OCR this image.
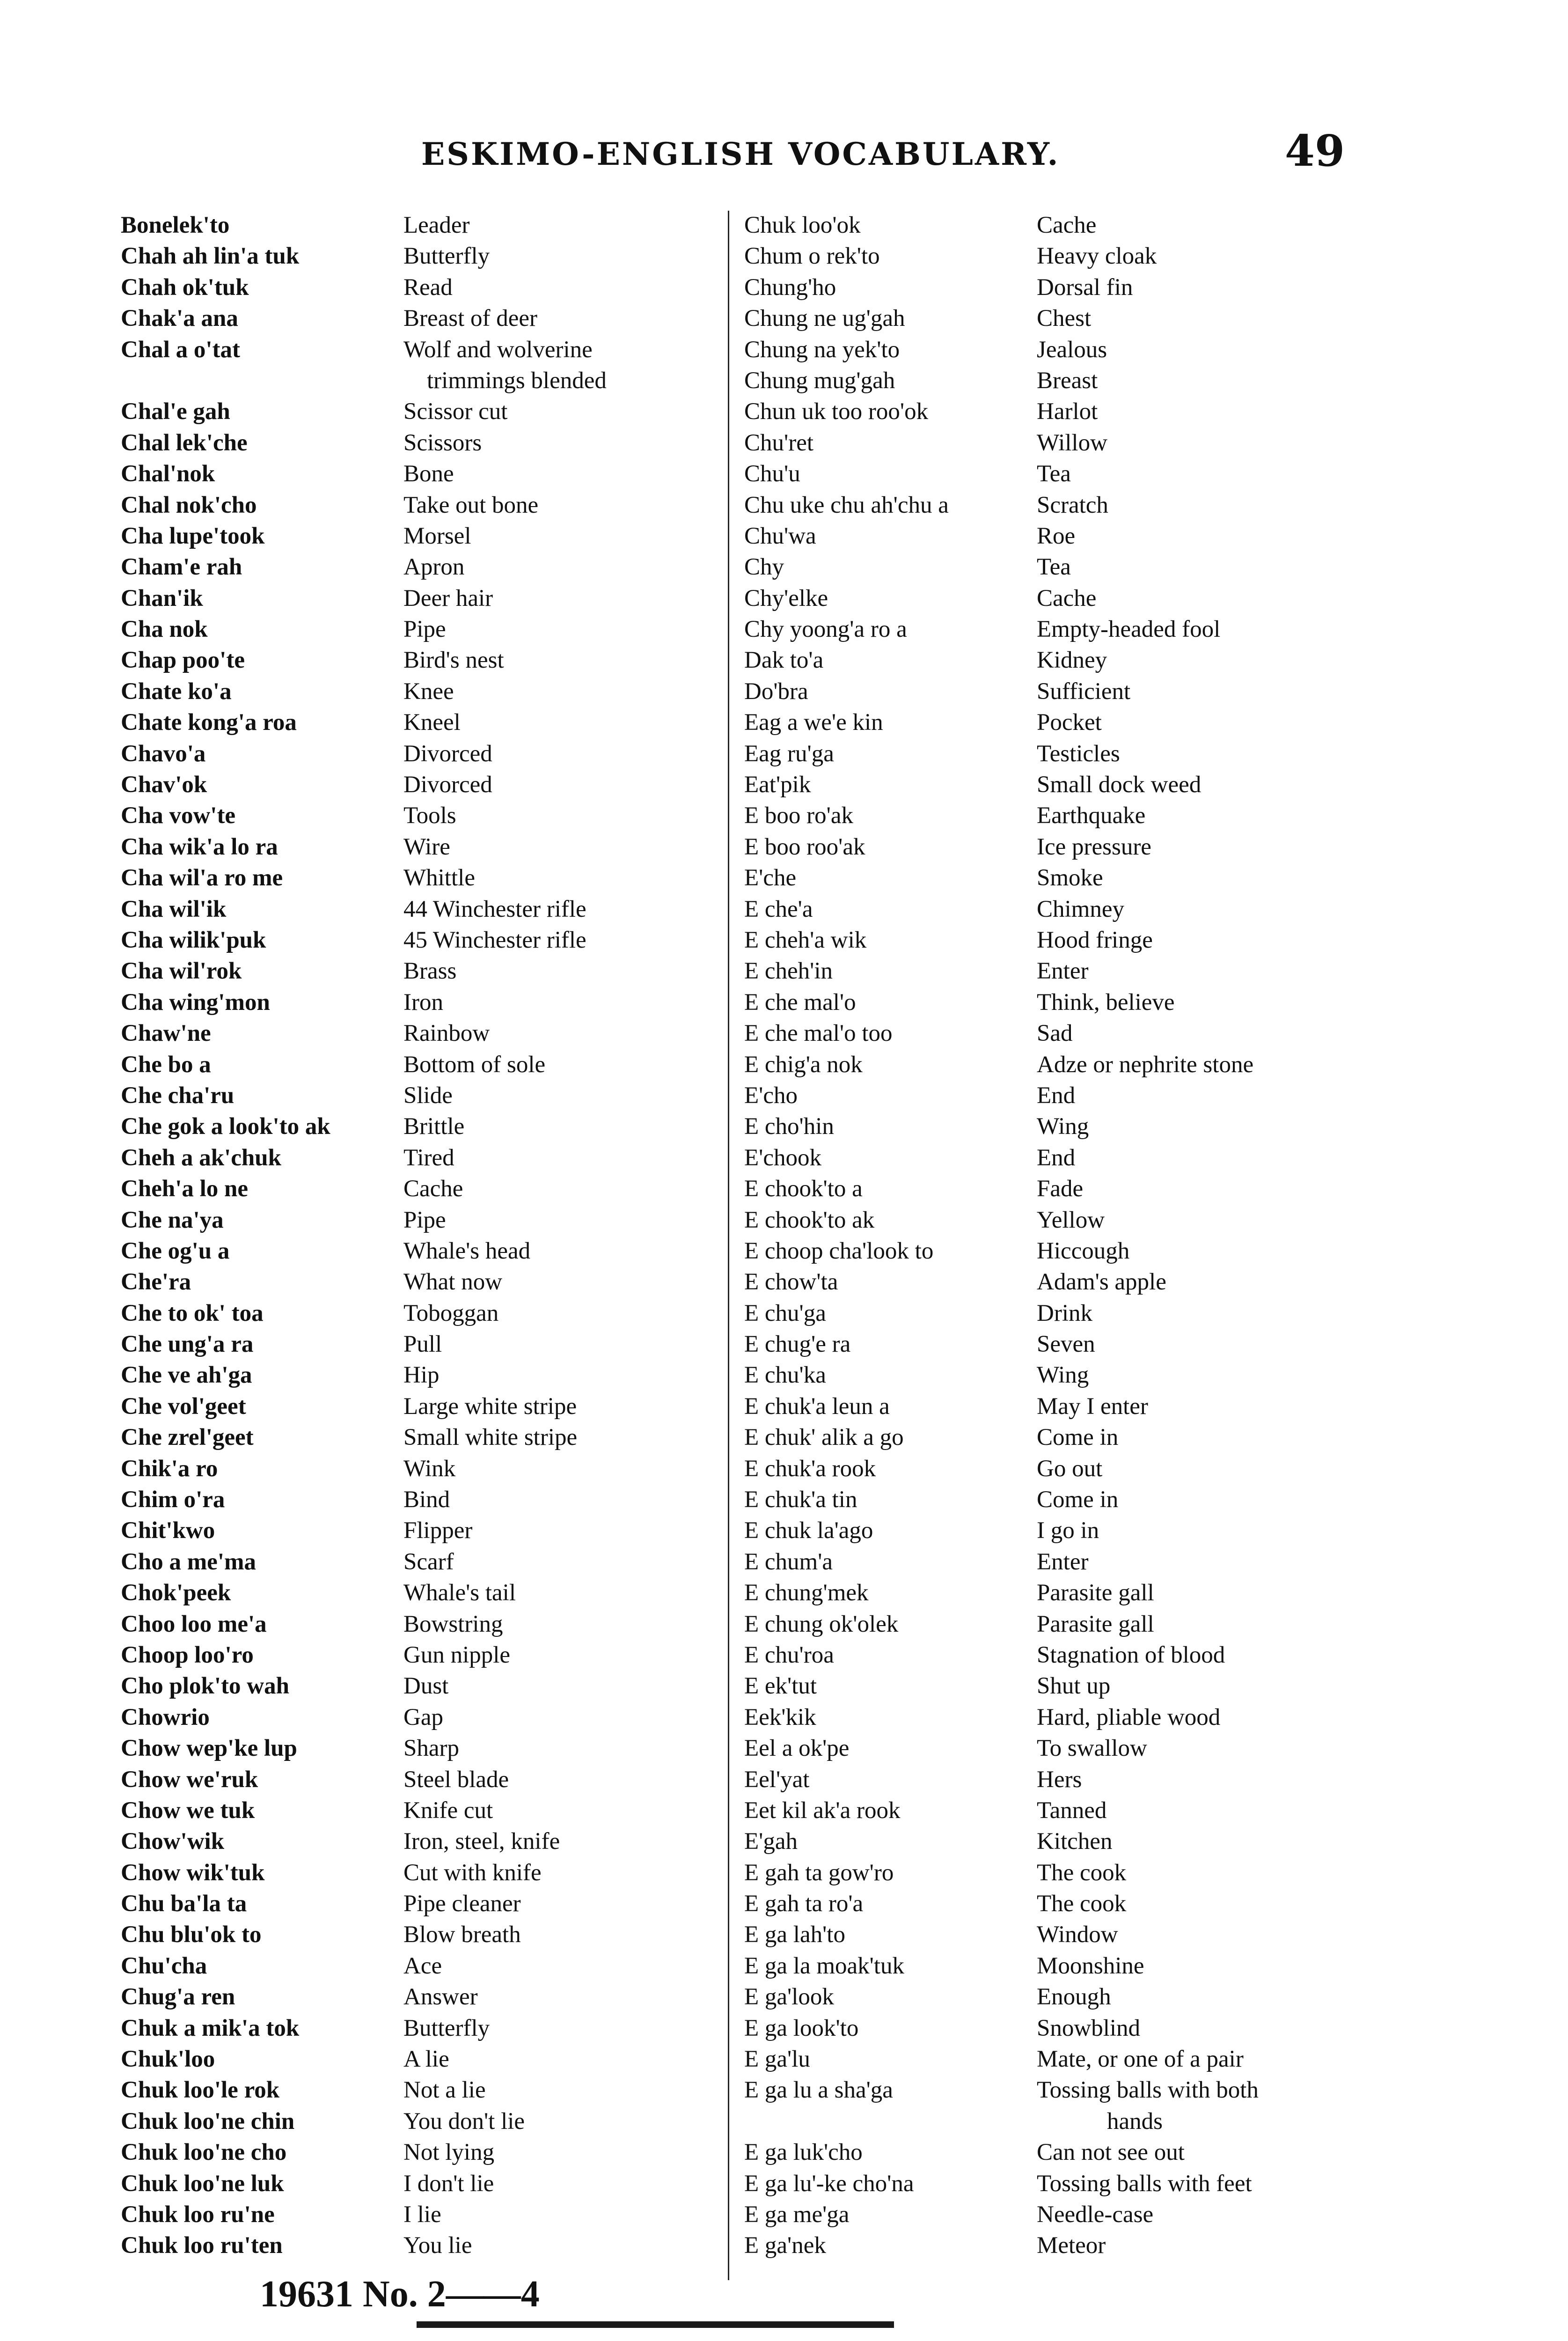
ESKIMO-ENGLISH VOCABULARY.	49
Bonelek'to
Chah ah lin'a tuk
Chah ok'tuk
Chak'a ana
Chal a o'tat

Chal'e gah
Chal lek'che
Chal'nok
Chal nok'cho
Cha lupe'took
Cham'e rah
Chan'ik
Cha nok
Chap poo'te
Chate ko'a
Chate kong'a roa
Chavo'a
Chav'ok
Cha vow'te
Cha wik'a lo ra
Cha wil'a ro me
Cha wil'ik
Cha wilik'puk
Cha wil'rok
Cha wing'mon
Chaw'ne
Che bo a
Che cha'ru
Che gok a look'to ak
Cheh a ak'chuk
Cheh'a lo ne
Che na'ya
Che og'u a
Che'ra
Che to ok' toa
Che ung'a ra
Che ve ah'ga
Che vol'geet
Che zrel'geet
Chik'a ro
Chim o'ra
Chit'kwo
Cho a me'ma
Chok'peek
Choo loo me'a
Choop loo'ro
Cho plok'to wah
Chowrio
Chow wep'ke lup
Chow we'ruk
Chow we tuk
Chow'wik
Chow wik'tuk
Chu ba'la ta
Chu blu'ok to
Chu'cha
Chug'a ren
Chuk a mik'a tok
Chuk'loo
Chuk loo'le rok
Chuk loo'ne chin
Chuk loo'ne cho
Chuk loo'ne luk
Chuk loo ru'ne
Chuk loo ru'ten
Leader
Butterfly
Read
Breast of deer
Wolf and wolverine
trimmings blended
Scissor cut
Scissors
Bone
Take out bone
Morsel
Apron
Deer hair
Pipe
Bird's nest
Knee
Kneel
Divorced
Divorced
Tools
Wire
Whittle
44 Winchester rifle
45 Winchester rifle
Brass
Iron
Rainbow
Bottom of sole
Slide
Brittle
Tired
Cache
Pipe
Whale's head
What now
Toboggan
Pull
Hip
Large white stripe
Small white stripe
Wink
Bind
Flipper
Scarf
Whale's tail
Bowstring
Gun nipple
Dust
Gap
Sharp
Steel blade
Knife cut
Iron, steel, knife
Cut with knife
Pipe cleaner
Blow breath
Ace
Answer
Butterfly
A lie
Not a lie
You don't lie
Not lying
I don't lie
I lie
You lie
Chuk loo'ok
Chum o rek'to
Chung'ho
Chung ne ug'gah
Chung na yek'to
Chung mug'gah
Chun uk too roo'ok
Chu'ret
Chu'u
Chu uke chu ah'chu a
Chu'wa
Chy
Chy'elke
Chy yoong'a ro a
Dak to'a
Do'bra
Eag a we'e kin
Eag ru'ga
Eat'pik
E boo ro'ak
E boo roo'ak
E'che
E che'a
E cheh'a wik
E cheh'in
E che mal'o
E che mal'o too
E chig'a nok
E'cho
E cho'hin
E'chook
E chook'to a
E chook'to ak
E choop cha'look to
E chow'ta
E chu'ga
E chug'e ra
E chu'ka
E chuk'a leun a
E chuk' alik a go
E chuk'a rook
E chuk'a tin
E chuk la'ago
E chum'a
E chung'mek
E chung ok'olek
E chu'roa
E ek'tut
Eek'kik
Eel a ok'pe
Eel'yat
Eet kil ak'a rook
E'gah
E gah ta gow'ro
E gah ta ro'a
E ga lah'to
E ga la moak'tuk
E ga'look
E ga look'to
E ga'lu
E ga lu a sha'ga

E ga luk'cho
E ga lu'-ke cho'na
E ga me'ga
E ga'nek
Cache
Heavy cloak
Dorsal fin
Chest
Jealous
Breast
Harlot
Willow
Tea
Scratch
Roe
Tea
Cache
Empty-headed fool
Kidney
Sufficient
Pocket
Testicles
Small dock weed
Earthquake
Ice pressure
Smoke
Chimney
Hood fringe
Enter
Think, believe
Sad
Adze or nephrite stone
End
Wing
End
Fade
Yellow
Hiccough
Adam's apple
Drink
Seven
Wing
May I enter
Come in
Go out
Come in
I go in
Enter
Parasite gall
Parasite gall
Stagnation of blood
Shut up
Hard, pliable wood
To swallow
Hers
Tanned
Kitchen
The cook
The cook
Window
Moonshine
Enough
Snowblind
Mate, or one of a pair
Tossing balls with both
hands
Can not see out
Tossing balls with feet
Needle-case
Meteor
19631 No. 2——4
